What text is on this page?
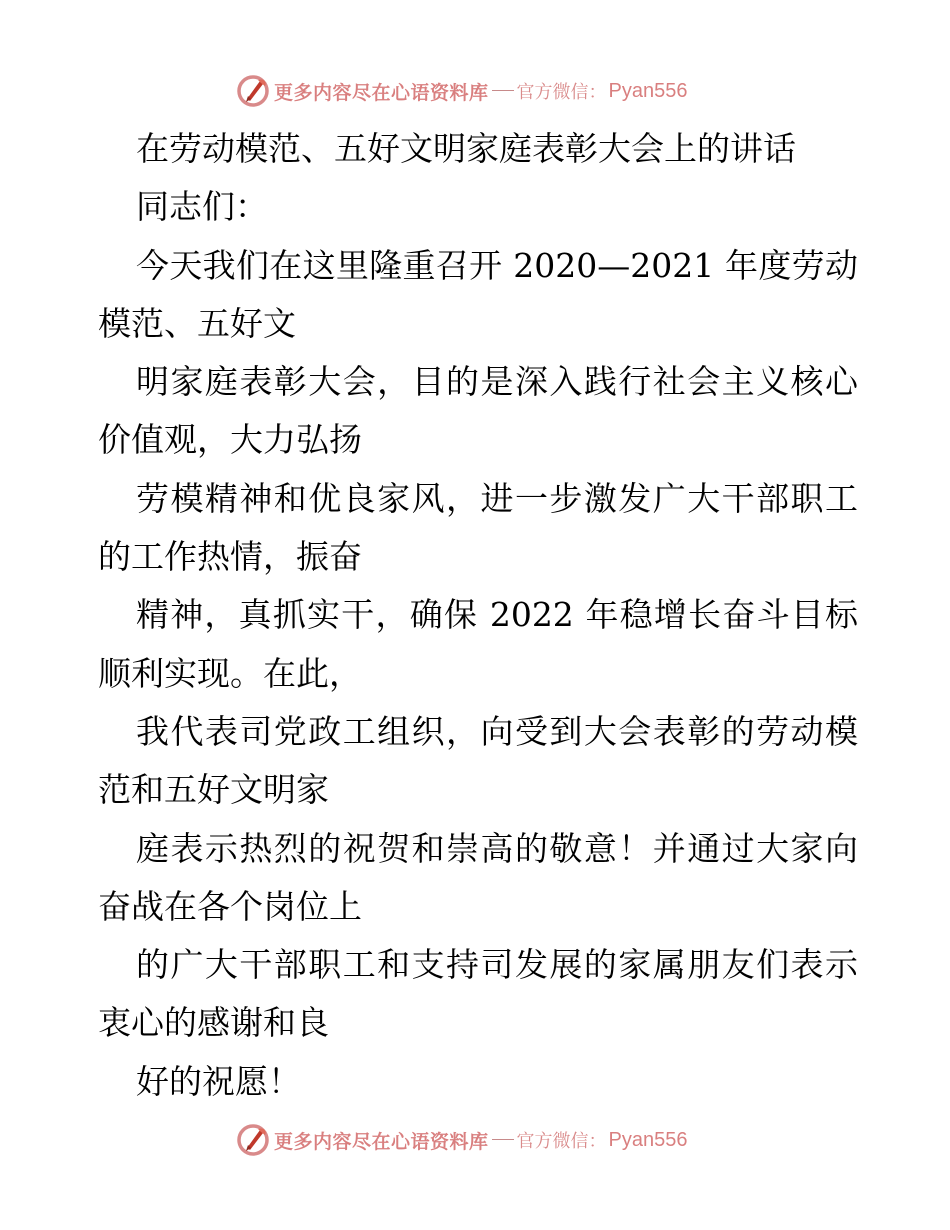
更多内容尽在心语资料库 官方微信： Pyan556
在劳动模范、五好文明家庭表彰大会上的讲话
同志们：
今天我们在这里隆重召开 2020—2021 年度劳动
模范、五好文
明家庭表彰大会，目的是深入践行社会主义核心
价值观，大力弘扬
劳模精神和优良家风，进一步激发广大干部职工
的工作热情，振奋
精神，真抓实干，确保 2022 年稳增长奋斗目标
顺利实现。在此，
我代表司党政工组织，向受到大会表彰的劳动模
范和五好文明家
庭表示热烈的祝贺和崇高的敬意！并通过大家向
奋战在各个岗位上
的广大干部职工和支持司发展的家属朋友们表示
衷心的感谢和良
好的祝愿！
更多内容尽在心语资料库 官方微信： Pyan556
